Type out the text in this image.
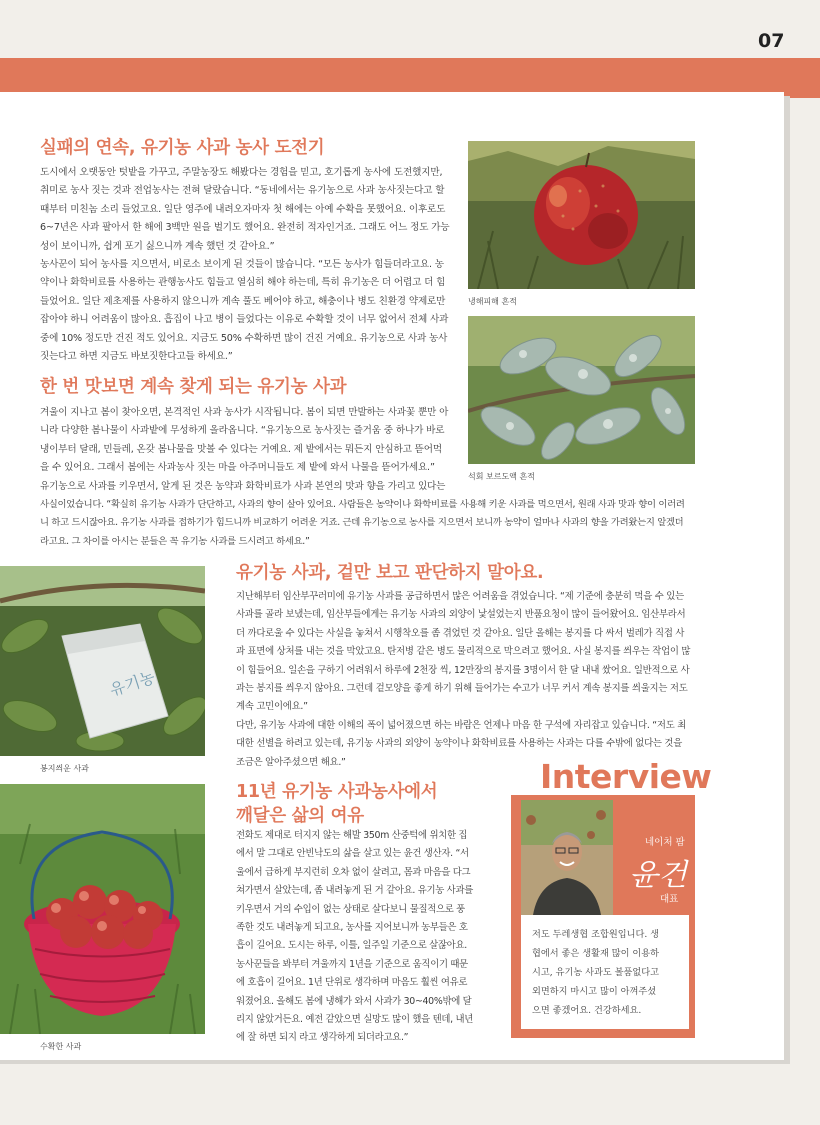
07
실패의 연속, 유기농 사과 농사 도전기
도시에서 오랫동안 텃밭을 가꾸고, 주말농장도 해봤다는 경험을 믿고, 호기롭게 농사에 도전했지만,
취미로 농사 짓는 것과 전업농사는 전혀 달랐습니다. “동네에서는 유기농으로 사과 농사짓는다고 할
때부터 미친놈 소리 들었고요. 일단 영주에 내려오자마자 첫 해에는 아예 수확을 못했어요. 이후로도
6~7년은 사과 팔아서 한 해에 3백만 원을 벌기도 했어요. 완전히 적자인거죠. 그래도 어느 정도 가능
성이 보이니까, 쉽게 포기 싫으니까 계속 했던 것 같아요.”
농사꾼이 되어 농사를 지으면서, 비로소 보이게 된 것들이 많습니다. “모든 농사가 힘들더라고요. 농
약이나 화학비료를 사용하는 관행농사도 힘들고 열심히 해야 하는데, 특히 유기농은 더 어렵고 더 힘
들었어요. 일단 제초제를 사용하지 않으니까 계속 풀도 베어야 하고, 해충이나 병도 친환경 약제로만
잡아야 하니 어려움이 많아요. 흡집이 나고 병이 들었다는 이유로 수확할 것이 너무 없어서 전체 사과
중에 10% 정도만 건진 적도 있어요. 지금도 50% 수확하면 많이 건진 거예요. 유기농으로 사과 농사
짓는다고 하면 지금도 바보짓한다고들 하세요.”
냉해피해 흔적
석회 보르도액 흔적
한 번 맛보면 계속 찾게 되는 유기농 사과
겨울이 지나고 봄이 찾아오면, 본격적인 사과 농사가 시작됩니다. 봄이 되면 만발하는 사과꽃 뿐만 아
니라 다양한 봄나물이 사과밭에 무성하게 올라옵니다. “유기농으로 농사짓는 즐거움 중 하나가 바로
냉이부터 달래, 민들레, 온갖 봄나물을 맛볼 수 있다는 거예요. 제 밭에서는 뭐든지 안심하고 뜯어먹
을 수 있어요. 그래서 봄에는 사과농사 짓는 마을 아주머니들도 제 밭에 와서 나물을 뜯어가세요.”
유기농으로 사과를 키우면서, 알게 된 것은 농약과 화학비료가 사과 본연의 맛과 향을 가리고 있다는
사실이었습니다. “확실히 유기농 사과가 단단하고, 사과의 향이 살아 있어요. 사람들은 농약이나 화학비료를 사용해 키운 사과를 먹으면서, 원래 사과 맛과 향이 이러려
니 하고 드시잖아요. 유기농 사과를 접하기가 힘드니까 비교하기 어려운 거죠. 근데 유기농으로 농사를 지으면서 보니까 농약이 얼마나 사과의 향을 가려왔는지 알겠더
라고요. 그 차이를 아시는 분들은 꼭 유기농 사과를 드시려고 하세요.”
유기농
봉지씌운 사과
유기농 사과, 겉만 보고 판단하지 말아요.
지난해부터 임산부꾸러미에 유기농 사과를 공급하면서 많은 어려움을 겪었습니다. “제 기준에 충분히 먹을 수 있는
사과를 골라 보냈는데, 임산부들에게는 유기농 사과의 외양이 낯설었는지 반품요청이 많이 들어왔어요. 임산부라서
더 까다로울 수 있다는 사실을 놓쳐서 시행착오를 좀 겪었던 것 같아요. 일단 올해는 봉지를 다 싸서 벌레가 직접 사
과 표면에 상처를 내는 것을 막았고요. 탄저병 같은 병도 물리적으로 막으려고 했어요. 사실 봉지를 씌우는 작업이 많
이 힘들어요. 일손을 구하기 어려워서 하루에 2천장 씩, 12만장의 봉지를 3명이서 한 달 내내 쌌어요. 일반적으로 사
과는 봉지를 씌우지 않아요. 그런데 겉모양을 좋게 하기 위해 들어가는 수고가 너무 커서 계속 봉지를 씌울지는 저도
계속 고민이에요.”
다만, 유기농 사과에 대한 이해의 폭이 넓어졌으면 하는 바람은 언제나 마음 한 구석에 자리잡고 있습니다. “저도 최
대한 선별을 하려고 있는데, 유기농 사과의 외양이 농약이나 화학비료를 사용하는 사과는 다를 수밖에 없다는 것을
조금은 알아주셨으면 해요.”
수확한 사과
11년 유기농 사과농사에서
깨달은 삶의 여유
전화도 제대로 터지지 않는 해발 350m 산중턱에 위치한 집
에서 말 그대로 안빈낙도의 삶을 살고 있는 윤건 생산자. “서
울에서 급하게 부지런히 오차 없이 살려고, 몸과 마음을 다그
쳐가면서 살았는데, 좀 내려놓게 된 거 같아요. 유기농 사과를
키우면서 거의 수입이 없는 상태로 살다보니 물질적으로 풍
족한 것도 내려놓게 되고요, 농사를 지어보니까 농부들은 호
흡이 길어요. 도시는 하루, 이틀, 일주일 기준으로 살잖아요.
농사꾼들을 봐부터 겨울까지 1년을 기준으로 움직이기 때문
에 호흡이 길어요. 1년 단위로 생각하며 마음도 훨씬 여유로
워졌어요. 올해도 봄에 냉해가 와서 사과가 30~40%밖에 달
리지 않았거든요. 예전 같았으면 실망도 많이 했을 텐데, 내년
에 잘 하면 되지 라고 생각하게 되더라고요.”
Interview
네이처 팜
윤건
대표
저도 두레생협 조합원입니다. 생
협에서 좋은 생활재 많이 이용하
시고, 유기농 사과도 볼품없다고
외면하지 마시고 많이 아껴주셨
으면 좋겠어요. 건강하세요.
